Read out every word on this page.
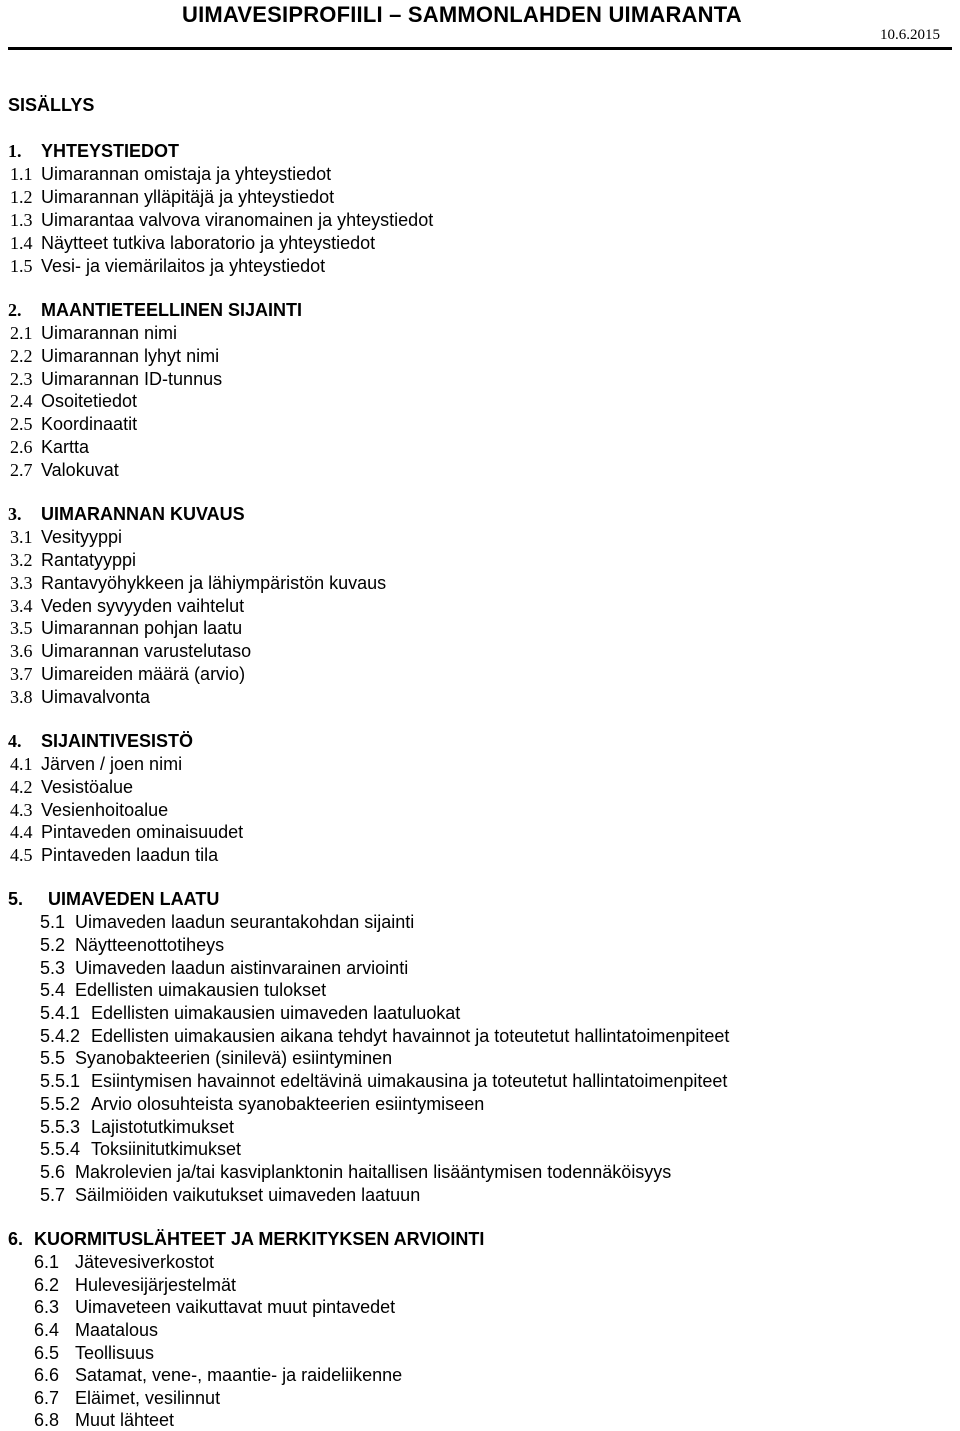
UIMAVESIPROFIILI – SAMMONLAHDEN UIMARANTA
10.6.2015
SISÄLLYS
1. YHTEYSTIEDOT
1.1 Uimarannan omistaja ja yhteystiedot
1.2 Uimarannan ylläpitäjä ja yhteystiedot
1.3 Uimarantaa valvova viranomainen ja yhteystiedot
1.4 Näytteet tutkiva laboratorio ja yhteystiedot
1.5 Vesi- ja viemärilaitos ja yhteystiedot
2. MAANTIETEELLINEN SIJAINTI
2.1 Uimarannan nimi
2.2 Uimarannan lyhyt nimi
2.3 Uimarannan ID-tunnus
2.4 Osoitetiedot
2.5 Koordinaatit
2.6 Kartta
2.7 Valokuvat
3. UIMARANNAN KUVAUS
3.1 Vesityyppi
3.2 Rantatyyppi
3.3 Rantavyöhykkeen ja lähiympäristön kuvaus
3.4 Veden syvyyden vaihtelut
3.5 Uimarannan pohjan laatu
3.6 Uimarannan varustelutaso
3.7 Uimareiden määrä (arvio)
3.8 Uimavalvonta
4. SIJAINTIVESISTÖ
4.1 Järven / joen nimi
4.2 Vesistöalue
4.3 Vesienhoitoalue
4.4 Pintaveden ominaisuudet
4.5 Pintaveden laadun tila
5. UIMAVEDEN LAATU
5.1 Uimaveden laadun seurantakohdan sijainti
5.2 Näytteenottotiheys
5.3 Uimaveden laadun aistinvarainen arviointi
5.4 Edellisten uimakausien tulokset
5.4.1 Edellisten uimakausien uimaveden laatuluokat
5.4.2 Edellisten uimakausien aikana tehdyt havainnot ja toteutetut hallintatoimenpiteet
5.5 Syanobakteerien (sinilevä) esiintyminen
5.5.1 Esiintymisen havainnot edeltävinä uimakausina ja toteutetut hallintatoimenpiteet
5.5.2 Arvio olosuhteista syanobakteerien esiintymiseen
5.5.3 Lajistotutkimukset
5.5.4 Toksiinitutkimukset
5.6 Makrolevien ja/tai kasviplanktonin haitallisen lisääntymisen todennäköisyys
5.7 Säilmiöiden vaikutukset uimaveden laatuun
6. KUORMITUSLÄHTEET JA MERKITYKSEN ARVIOINTI
6.1 Jätevesiverkostot
6.2 Hulevesijärjestelmät
6.3 Uimaveteen vaikuttavat muut pintavedet
6.4 Maatalous
6.5 Teollisuus
6.6 Satamat, vene-, maantie- ja raideliikenne
6.7 Eläimet, vesilinnut
6.8 Muut lähteet
